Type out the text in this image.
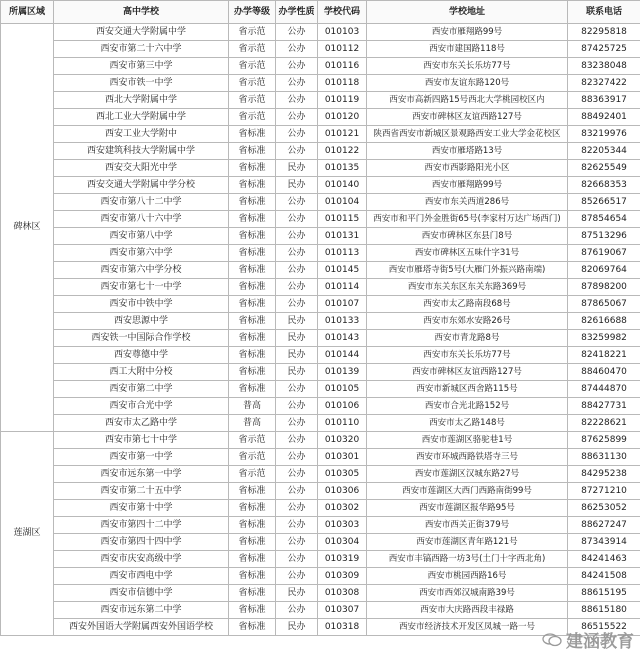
所属区域	高中学校	办学等级	办学性质	学校代码	学校地址	联系电话
碑林区	西安交通大学附属中学	省示范	公办	010103	西安市雁翔路99号	82295818
	西安市第二十六中学	省示范	公办	010112	西安市建国路118号	87425725
	西安市第三中学	省示范	公办	010116	西安市东关长乐坊77号	83238048
	西安市铁一中学	省示范	公办	010118	西安市友谊东路120号	82327422
	西北大学附属中学	省示范	公办	010119	西安市高新四路15号西北大学桃园校区内	88363917
	西北工业大学附属中学	省示范	公办	010120	西安市碑林区友谊西路127号	88492401
	西安工业大学附中	省标准	公办	010121	陕西省西安市新城区景观路西安工业大学金花校区	83219976
	西安建筑科技大学附属中学	省标准	公办	010122	西安市雁塔路13号	82205344
	西安交大阳光中学	省标准	民办	010135	西安市西影路阳光小区	82625549
	西安交通大学附属中学分校	省标准	民办	010140	西安市雁翔路99号	82668353
	西安市第八十二中学	省标准	公办	010104	西安市东关西道286号	85266517
	西安市第八十六中学	省标准	公办	010115	西安市和平门外金胜街65号(李家村万达广场西门)	87854654
	西安市第八中学	省标准	公办	010131	西安市碑林区东县门8号	87513296
	西安市第六中学	省标准	公办	010113	西安市碑林区五味什字31号	87619067
	西安市第六中学分校	省标准	公办	010145	西安市雁塔寺街5号(大雁门外振兴路南端)	82069764
	西安市第七十一中学	省标准	公办	010114	西安市东关东区东关东路369号	87898200
	西安市中铁中学	省标准	公办	010107	西安市太乙路南段68号	87865067
	西安思源中学	省标准	民办	010133	西安市东郊水安路26号	82616688
	西安铁一中国际合作学校	省标准	民办	010143	西安市青龙路8号	83259982
	西安尊德中学	省标准	民办	010144	西安市东关长乐坊77号	82418221
	西工大附中分校	省标准	民办	010139	西安市碑林区友谊西路127号	88460470
	西安市第二中学	省标准	公办	010105	西安市新城区西舍路115号	87444870
	西安市合光中学	普高	公办	010106	西安市合光北路152号	88427731
	西安市太乙路中学	普高	公办	010110	西安市太乙路148号	82228621
莲湖区	西安市第七十中学	省示范	公办	010320	西安市莲湖区骆驼巷1号	87625899
	西安市第一中学	省示范	公办	010301	西安市环城西路铁塔寺三号	88631130
	西安市远东第一中学	省示范	公办	010305	西安市莲湖区汉城东路27号	84295238
	西安市第二十五中学	省标准	公办	010306	西安市莲湖区大西门西路南街99号	87271210
	西安市第十中学	省标准	公办	010302	西安市莲湖区报华路95号	86253052
	西安市第四十二中学	省标准	公办	010303	西安市西关正街379号	88627247
	西安市第四十四中学	省标准	公办	010304	西安市莲湖区青年路121号	87343914
	西安市庆安高级中学	省标准	公办	010319	西安市丰镐西路一坊3号(土门十字西北角)	84241463
	西安市西电中学	省标准	公办	010309	西安市桃园西路16号	84241508
	西安市信德中学	省标准	民办	010308	西安市西郊汉城南路39号	88615195
	西安市远东第二中学	省标准	公办	010307	西安市大庆路西段丰禄路	88615180
	西安外国语大学附属西安外国语学校	省标准	民办	010318	西安市经济技术开发区凤城一路一号	86515522
建涵教育
